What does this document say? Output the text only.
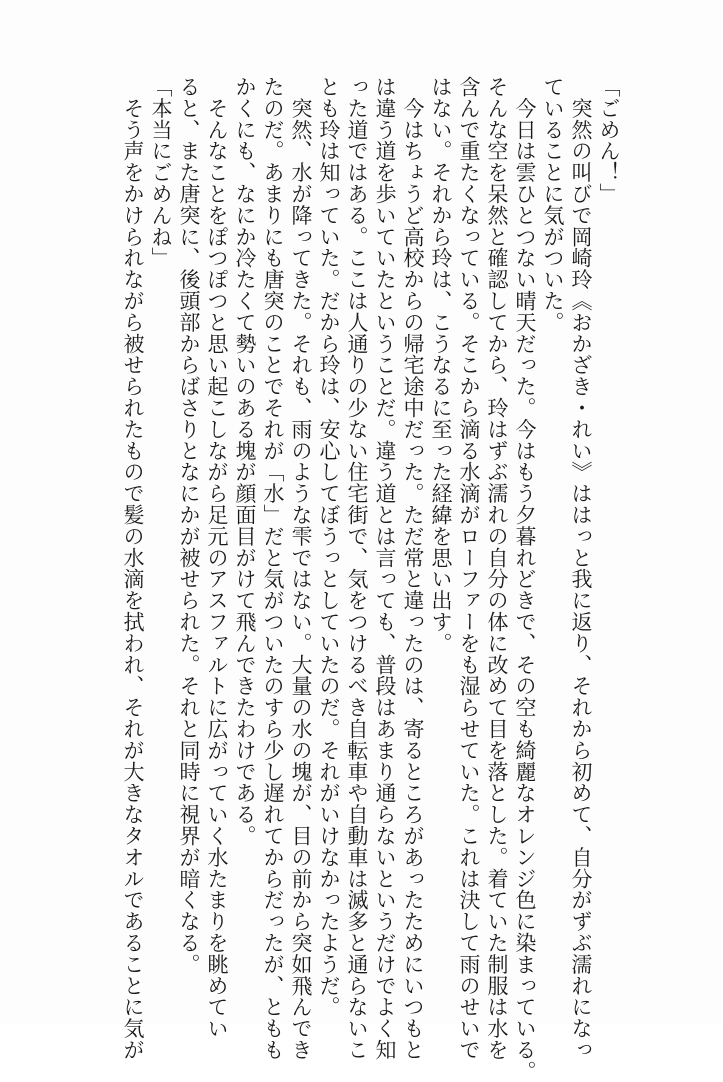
「ごめん！」
　突然の叫びで岡崎玲《おかざき・れい》ははっと我に返り、それから初めて、自分がずぶ濡れになっ
ていることに気がついた。
　今日は雲ひとつない晴天だった。今はもう夕暮れどきで、その空も綺麗なオレンジ色に染まっている。
そんな空を呆然と確認してから、玲はずぶ濡れの自分の体に改めて目を落とした。着ていた制服は水を
含んで重たくなっている。そこから滴る水滴がローファーをも湿らせていた。これは決して雨のせいで
はない。それから玲は、こうなるに至った経緯を思い出す。
　今はちょうど高校からの帰宅途中だった。ただ常と違ったのは、寄るところがあったためにいつもと
は違う道を歩いていたということだ。違う道とは言っても、普段はあまり通らないというだけでよく知
った道ではある。ここは人通りの少ない住宅街で、気をつけるべき自転車や自動車は滅多と通らないこ
とも玲は知っていた。だから玲は、安心してぼうっとしていたのだ。それがいけなかったようだ。
　突然、水が降ってきた。それも、雨のような雫ではない。大量の水の塊が、目の前から突如飛んでき
たのだ。あまりにも唐突のことでそれが「水」だと気がついたのすら少し遅れてからだったが、ともも
かくにも、なにか冷たくて勢いのある塊が顔面目がけて飛んできたわけである。
　そんなことをぽつぽつと思い起こしながら足元のアスファルトに広がっていく水たまりを眺めてい
ると、また唐突に、後頭部からばさりとなにかが被せられた。それと同時に視界が暗くなる。
「本当にごめんね」
　そう声をかけられながら被せられたもので髪の水滴を拭われ、それが大きなタオルであることに気が
